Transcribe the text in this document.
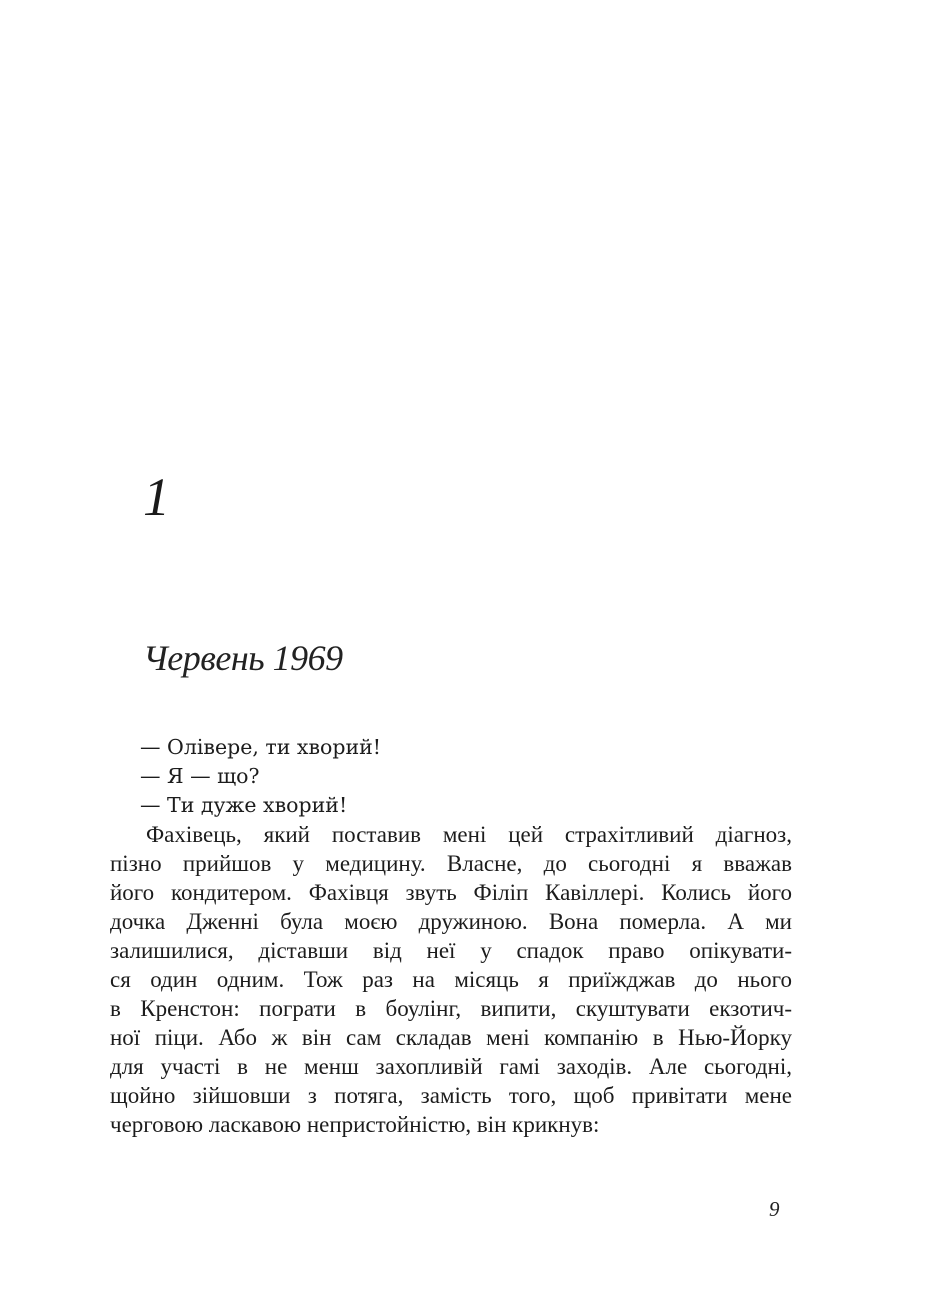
1
Червень 1969
— Олівере, ти хворий!
— Я — що?
— Ти дуже хворий!
Фахівець, який поставив мені цей страхітливий діагноз,
пізно прийшов у медицину. Власне, до сьогодні я вважав
його кондитером. Фахівця звуть Філіп Кавіллері. Колись його
дочка Дженні була моєю дружиною. Вона померла. А ми
залишилися, діставши від неї у спадок право опікувати-
ся один одним. Тож раз на місяць я приїжджав до нього
в Кренстон: пограти в боулінг, випити, скуштувати екзотич-
ної піци. Або ж він сам складав мені компанію в Нью-Йорку
для участі в не менш захопливій гамі заходів. Але сьогодні,
щойно зійшовши з потяга, замість того, щоб привітати мене
черговою ласкавою непристойністю, він крикнув:
9
